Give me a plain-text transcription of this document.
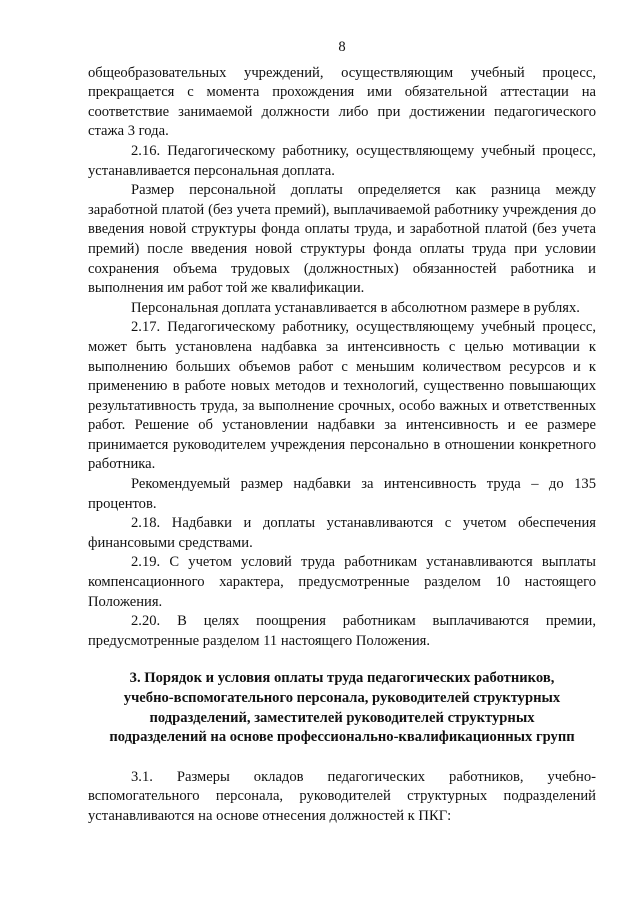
8

общеобразовательных учреждений, осуществляющим учебный процесс, прекращается с момента прохождения ими обязательной аттестации на соответствие занимаемой должности либо при достижении педагогического стажа 3 года.

2.16. Педагогическому работнику, осуществляющему учебный процесс, устанавливается персональная доплата.

Размер персональной доплаты определяется как разница между заработной платой (без учета премий), выплачиваемой работнику учреждения до введения новой структуры фонда оплаты труда, и заработной платой (без учета премий) после введения новой структуры фонда оплаты труда при условии сохранения объема трудовых (должностных) обязанностей работника и выполнения им работ той же квалификации.

Персональная доплата устанавливается в абсолютном размере в рублях.

2.17. Педагогическому работнику, осуществляющему учебный процесс, может быть установлена надбавка за интенсивность с целью мотивации к выполнению больших объемов работ с меньшим количеством ресурсов и к применению в работе новых методов и технологий, существенно повышающих результативность труда, за выполнение срочных, особо важных и ответственных работ. Решение об установлении надбавки за интенсивность и ее размере принимается руководителем учреждения персонально в отношении конкретного работника.

Рекомендуемый размер надбавки за интенсивность труда – до 135 процентов.

2.18. Надбавки и доплаты устанавливаются с учетом обеспечения финансовыми средствами.

2.19. С учетом условий труда работникам устанавливаются выплаты компенсационного характера, предусмотренные разделом 10 настоящего Положения.

2.20. В целях поощрения работникам выплачиваются премии, предусмотренные разделом 11 настоящего Положения.

3. Порядок и условия оплаты труда педагогических работников,
учебно-вспомогательного персонала, руководителей структурных
подразделений, заместителей руководителей структурных
подразделений на основе профессионально-квалификационных групп

3.1. Размеры окладов педагогических работников, учебно-вспомогательного персонала, руководителей структурных подразделений устанавливаются на основе отнесения должностей к ПКГ:
